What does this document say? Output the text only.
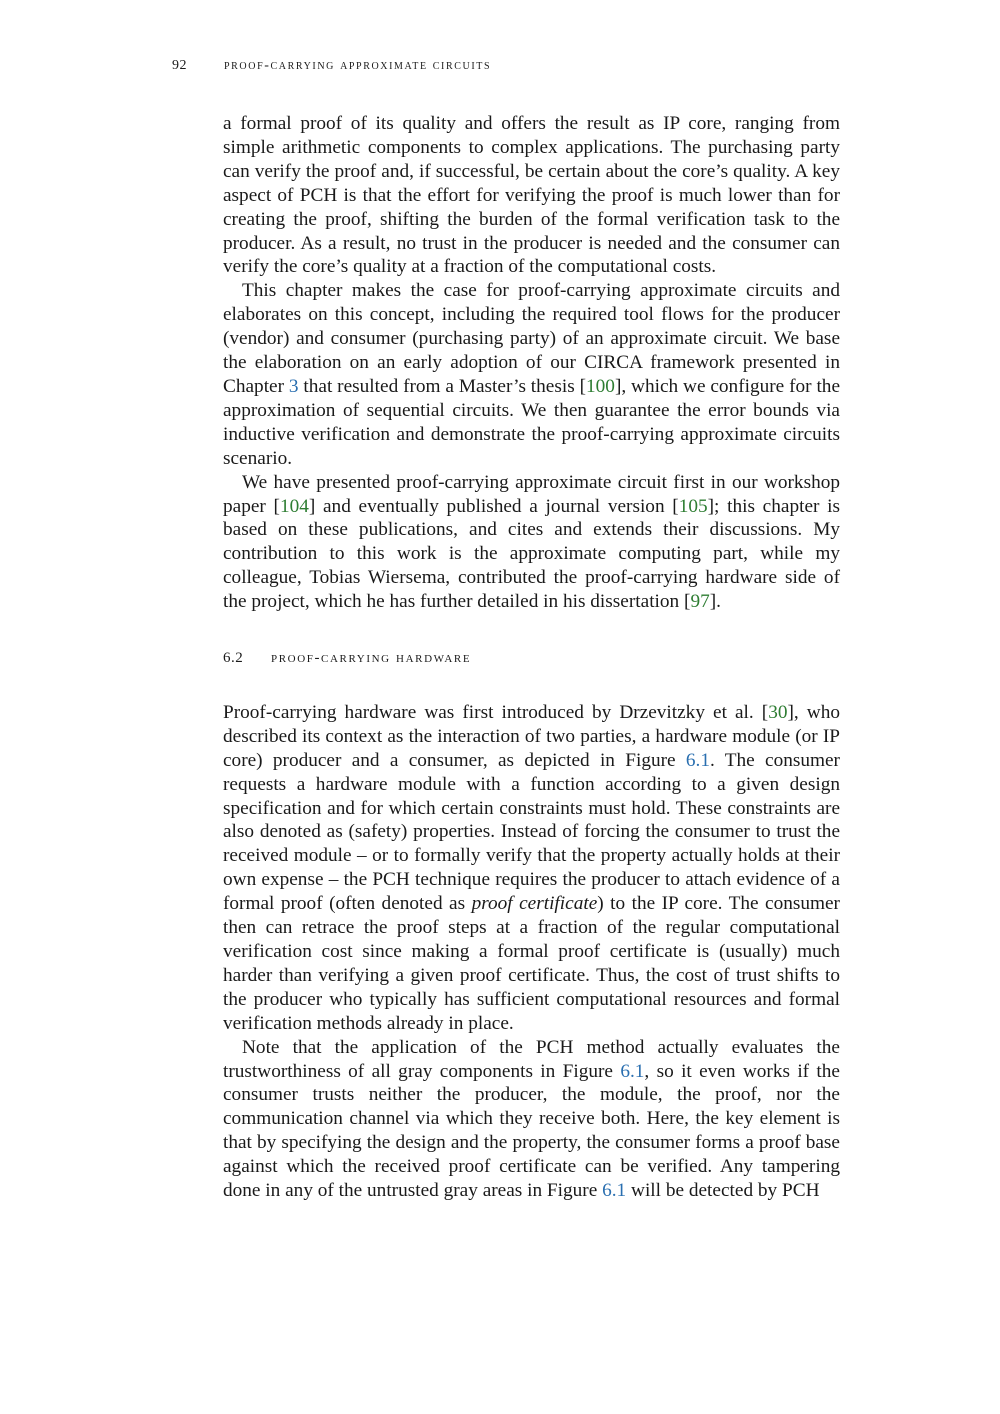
92	proof-carrying approximate circuits

a formal proof of its quality and offers the result as IP core, ranging from simple arithmetic components to complex applications. The purchasing party can verify the proof and, if successful, be certain about the core’s quality. A key aspect of PCH is that the effort for verifying the proof is much lower than for creating the proof, shifting the burden of the formal verification task to the producer. As a result, no trust in the producer is needed and the consumer can verify the core’s quality at a fraction of the computational costs.

This chapter makes the case for proof-carrying approximate circuits and elaborates on this concept, including the required tool flows for the producer (vendor) and consumer (purchasing party) of an approximate circuit. We base the elaboration on an early adoption of our CIRCA framework presented in Chapter 3 that resulted from a Master’s thesis [100], which we configure for the approximation of sequential circuits. We then guarantee the error bounds via inductive verification and demonstrate the proof-carrying approximate circuits scenario.

We have presented proof-carrying approximate circuit first in our workshop paper [104] and eventually published a journal version [105]; this chapter is based on these publications, and cites and extends their discussions. My contribution to this work is the approximate computing part, while my colleague, Tobias Wiersema, contributed the proof-carrying hardware side of the project, which he has further detailed in his dissertation [97].

6.2 proof-carrying hardware

Proof-carrying hardware was first introduced by Drzevitzky et al. [30], who described its context as the interaction of two parties, a hardware module (or IP core) producer and a consumer, as depicted in Figure 6.1. The consumer requests a hardware module with a function according to a given design specification and for which certain constraints must hold. These constraints are also denoted as (safety) properties. Instead of forcing the consumer to trust the received module – or to formally verify that the property actually holds at their own expense – the PCH technique requires the producer to attach evidence of a formal proof (often denoted as proof certificate) to the IP core. The consumer then can retrace the proof steps at a fraction of the regular computational verification cost since making a formal proof certificate is (usually) much harder than verifying a given proof certificate. Thus, the cost of trust shifts to the producer who typically has sufficient computational resources and formal verification methods already in place.

Note that the application of the PCH method actually evaluates the trustworthiness of all gray components in Figure 6.1, so it even works if the consumer trusts neither the producer, the module, the proof, nor the communication channel via which they receive both. Here, the key element is that by specifying the design and the property, the consumer forms a proof base against which the received proof certificate can be verified. Any tampering done in any of the untrusted gray areas in Figure 6.1 will be detected by PCH
